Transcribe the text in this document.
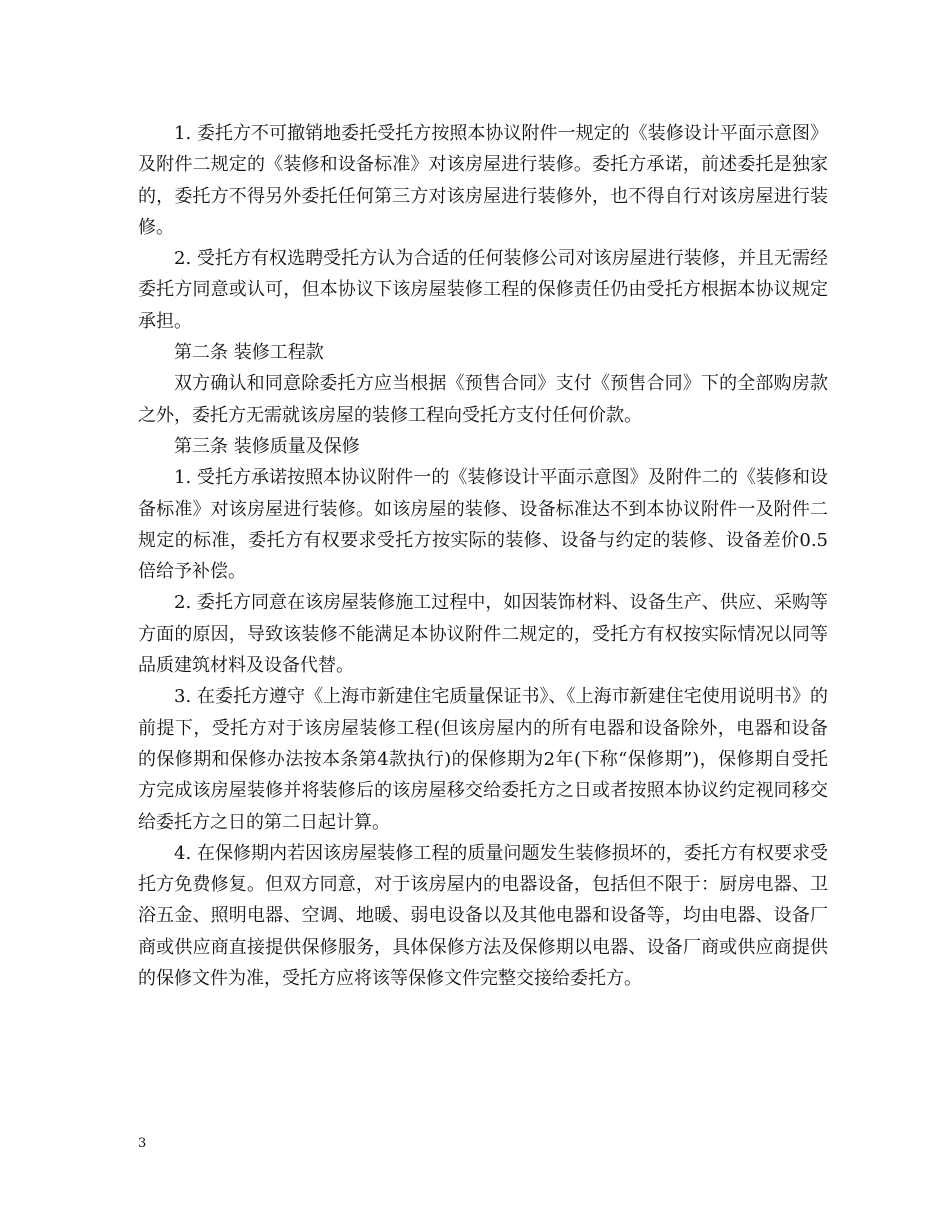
1. 委托方不可撤销地委托受托方按照本协议附件一规定的《装修设计平面示意图》及附件二规定的《装修和设备标准》对该房屋进行装修。委托方承诺，前述委托是独家的，委托方不得另外委托任何第三方对该房屋进行装修外，也不得自行对该房屋进行装修。

2. 受托方有权选聘受托方认为合适的任何装修公司对该房屋进行装修，并且无需经委托方同意或认可，但本协议下该房屋装修工程的保修责任仍由受托方根据本协议规定承担。

第二条 装修工程款

双方确认和同意除委托方应当根据《预售合同》支付《预售合同》下的全部购房款之外，委托方无需就该房屋的装修工程向受托方支付任何价款。

第三条 装修质量及保修

1. 受托方承诺按照本协议附件一的《装修设计平面示意图》及附件二的《装修和设备标准》对该房屋进行装修。如该房屋的装修、设备标准达不到本协议附件一及附件二规定的标准，委托方有权要求受托方按实际的装修、设备与约定的装修、设备差价0.5倍给予补偿。

2. 委托方同意在该房屋装修施工过程中，如因装饰材料、设备生产、供应、采购等方面的原因，导致该装修不能满足本协议附件二规定的，受托方有权按实际情况以同等品质建筑材料及设备代替。

3. 在委托方遵守《上海市新建住宅质量保证书》、《上海市新建住宅使用说明书》的前提下，受托方对于该房屋装修工程(但该房屋内的所有电器和设备除外，电器和设备的保修期和保修办法按本条第4款执行)的保修期为2年(下称“保修期”)，保修期自受托方完成该房屋装修并将装修后的该房屋移交给委托方之日或者按照本协议约定视同移交给委托方之日的第二日起计算。

4. 在保修期内若因该房屋装修工程的质量问题发生装修损坏的，委托方有权要求受托方免费修复。但双方同意，对于该房屋内的电器设备，包括但不限于：厨房电器、卫浴五金、照明电器、空调、地暖、弱电设备以及其他电器和设备等，均由电器、设备厂商或供应商直接提供保修服务，具体保修方法及保修期以电器、设备厂商或供应商提供的保修文件为准，受托方应将该等保修文件完整交接给委托方。

3
